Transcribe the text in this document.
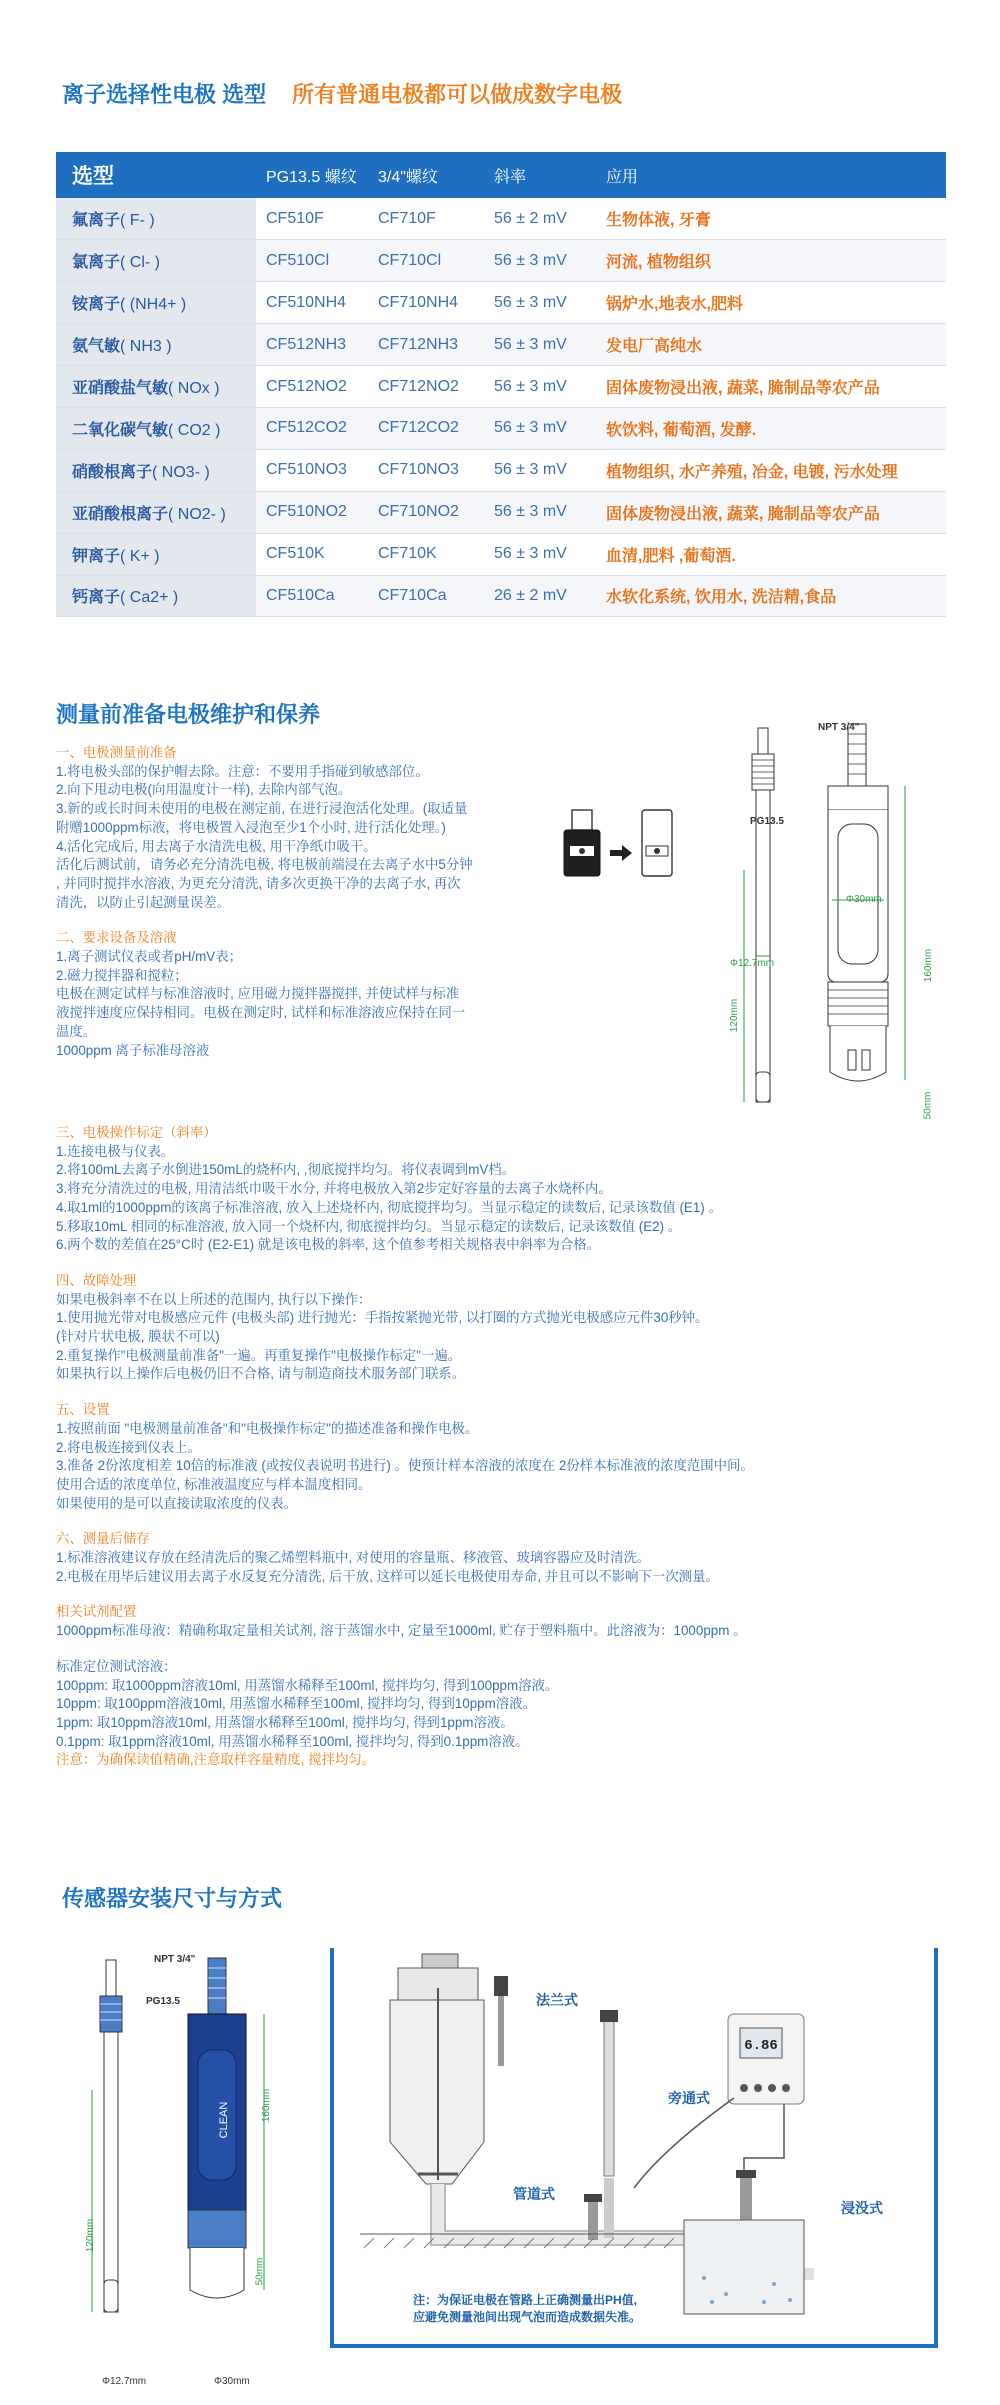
离子选择性电极 选型 所有普通电极都可以做成数字电极
选型	PG13.5 螺纹	3/4"螺纹	斜率	应用
氟离子( F- )	CF510F	CF710F	56 ± 2 mV	生物体液, 牙膏
氯离子( Cl- )	CF510Cl	CF710Cl	56 ± 3 mV	河流, 植物组织
铵离子( (NH4+ )	CF510NH4	CF710NH4	56 ± 3 mV	锅炉水,地表水,肥料
氨气敏( NH3 )	CF512NH3	CF712NH3	56 ± 3 mV	发电厂高纯水
亚硝酸盐气敏( NOx )	CF512NO2	CF712NO2	56 ± 3 mV	固体废物浸出液, 蔬菜, 腌制品等农产品
二氧化碳气敏( CO2 )	CF512CO2	CF712CO2	56 ± 3 mV	软饮料, 葡萄酒, 发酵.
硝酸根离子( NO3- )	CF510NO3	CF710NO3	56 ± 3 mV	植物组织, 水产养殖, 冶金, 电镀, 污水处理
亚硝酸根离子( NO2- )	CF510NO2	CF710NO2	56 ± 3 mV	固体废物浸出液, 蔬菜, 腌制品等农产品
钾离子( K+ )	CF510K	CF710K	56 ± 3 mV	血清,肥料 ,葡萄酒.
钙离子( Ca2+ )	CF510Ca	CF710Ca	26 ± 2 mV	水软化系统, 饮用水, 洗洁精,食品
测量前准备电极维护和保养
一、电极测量前准备
1.将电极头部的保护帽去除。注意：不要用手指碰到敏感部位。
2.向下甩动电极(向用温度计一样), 去除内部气泡。
3.新的或长时间未使用的电极在测定前, 在进行浸泡活化处理。(取适量
附赠1000ppm标液，将电极置入浸泡至少1个小时, 进行活化处理。)
4.活化完成后, 用去离子水清洗电极, 用干净纸巾吸干。
活化后测试前，请务必充分清洗电极, 将电极前端浸在去离子水中5分钟
, 并同时搅拌水溶液, 为更充分清洗, 请多次更换干净的去离子水, 再次
清洗，以防止引起测量误差。
二、要求设备及溶液
1.离子测试仪表或者pH/mV表；
2.磁力搅拌器和搅粒；
电极在测定试样与标准溶液时, 应用磁力搅拌器搅拌, 并使试样与标准
液搅拌速度应保持相同。电极在测定时, 试样和标准溶液应保持在同一
温度。
1000ppm 离子标准母溶液
三、电极操作标定（斜率）
1.连接电极与仪表。
2.将100mL去离子水倒进150mL的烧杯内, ,彻底搅拌均匀。将仪表调到mV档。
3.将充分清洗过的电极, 用清洁纸巾吸干水分, 并将电极放入第2步定好容量的去离子水烧杯内。
4.取1ml的1000ppm的该离子标准溶液, 放入上述烧杯内, 彻底搅拌均匀。当显示稳定的读数后, 记录该数值 (E1) 。
5.移取10mL 相同的标准溶液, 放入同一个烧杯内, 彻底搅拌均匀。当显示稳定的读数后, 记录该数值 (E2) 。
6.两个数的差值在25°C时 (E2-E1) 就是该电极的斜率, 这个值参考相关规格表中斜率为合格。
四、故障处理
如果电极斜率不在以上所述的范围内, 执行以下操作：
1.使用抛光带对电极感应元件 (电极头部) 进行抛光：手指按紧抛光带, 以打圈的方式抛光电极感应元件30秒钟。
(针对片状电极, 膜状不可以)
2.重复操作"电极测量前准备"一遍。再重复操作"电极操作标定"一遍。
如果执行以上操作后电极仍旧不合格, 请与制造商技术服务部门联系。
五、设置
1.按照前面 "电极测量前准备"和"电极操作标定"的描述准备和操作电极。
2.将电极连接到仪表上。
3.准备 2份浓度相差 10倍的标准液 (或按仪表说明书进行) 。使预计样本溶液的浓度在 2份样本标准液的浓度范围中间。
使用合适的浓度单位, 标准液温度应与样本温度相同。
如果使用的是可以直接读取浓度的仪表。
六、测量后储存
1.标准溶液建议存放在经清洗后的聚乙烯塑料瓶中, 对使用的容量瓶、移液管、玻璃容器应及时清洗。
2.电极在用毕后建议用去离子水反复充分清洗, 后干放, 这样可以延长电极使用寿命, 并且可以不影响下一次测量。
相关试剂配置
1000ppm标准母液：精确称取定量相关试剂, 溶于蒸馏水中, 定量至1000ml, 贮存于塑料瓶中。此溶液为：1000ppm 。
标准定位测试溶液：
100ppm: 取1000ppm溶液10ml, 用蒸馏水稀释至100ml, 搅拌均匀, 得到100ppm溶液。
10ppm: 取100ppm溶液10ml, 用蒸馏水稀释至100ml, 搅拌均匀, 得到10ppm溶液。
1ppm: 取10ppm溶液10ml, 用蒸馏水稀释至100ml, 搅拌均匀, 得到1ppm溶液。
0.1ppm: 取1ppm溶液10ml, 用蒸馏水稀释至100ml, 搅拌均匀, 得到0.1ppm溶液。
注意：为确保读值精确,注意取样容量精度, 搅拌均匀。
NPT 3/4"
PG13.5
Φ12.7mm
Φ30mm
160mm
120mm
50mm
传感器安装尺寸与方式
CLEAN
NPT 3/4"
PG13.5
Φ12.7mm	Φ30mm
160mm
120mm
50mm
6.86
法兰式
旁通式
管道式
浸没式
注：为保证电极在管路上正确测量出PH值,
应避免测量池间出现气泡而造成数据失准。
